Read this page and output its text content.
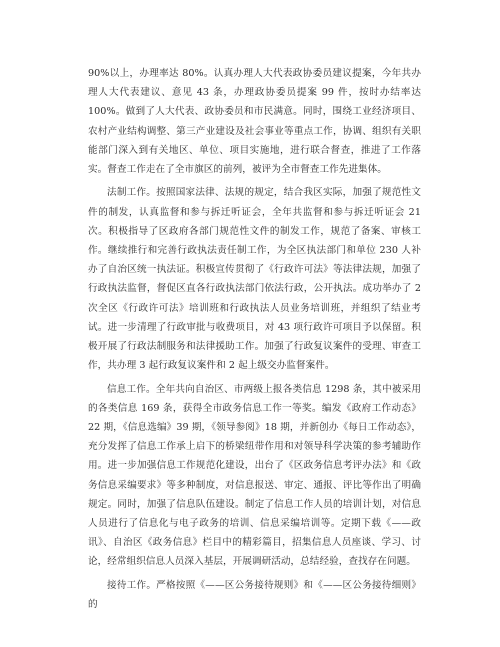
90%以上，办理率达 80%。认真办理人大代表政协委员建议提案，今年共办理人大代表建议、意见 43 条，办理政协委员提案 99 件，按时办结率达 100%。做到了人大代表、政协委员和市民满意。同时，围绕工业经济项目、农村产业结构调整、第三产业建设及社会事业等重点工作，协调、组织有关职能部门深入到有关地区、单位、项目实施地，进行联合督查，推进了工作落实。督查工作走在了全市旗区的前列，被评为全市督查工作先进集体。

法制工作。按照国家法律、法规的规定，结合我区实际，加强了规范性文件的制发，认真监督和参与拆迁听证会，全年共监督和参与拆迁听证会 21 次。积极指导了区政府各部门规范性文件的制发工作，规范了备案、审核工作。继续推行和完善行政执法责任制工作，为全区执法部门和单位 230 人补办了自治区统一执法证。积极宣传贯彻了《行政许可法》等法律法规，加强了行政执法监督，督促区直各行政执法部门依法行政，公开执法。成功举办了 2 次全区《行政许可法》培训班和行政执法人员业务培训班，并组织了结业考试。进一步清理了行政审批与收费项目，对 43 项行政许可项目予以保留。积极开展了行政法制服务和法律援助工作。加强了行政复议案件的受理、审查工作，共办理 3 起行政复议案件和 2 起上级交办监督案件。

信息工作。全年共向自治区、市两级上报各类信息 1298 条，其中被采用的各类信息 169 条，获得全市政务信息工作一等奖。编发《政府工作动态》22 期，《信息选编》39 期，《领导参阅》18 期，并新创办《每日工作动态》，充分发挥了信息工作承上启下的桥梁纽带作用和对领导科学决策的参考辅助作用。进一步加强信息工作规范化建设，出台了《区政务信息考评办法》和《政务信息采编要求》等多种制度，对信息报送、审定、通报、评比等作出了明确规定。同时，加强了信息队伍建设。制定了信息工作人员的培训计划，对信息人员进行了信息化与电子政务的培训、信息采编培训等。定期下载《——政讯》、自治区《政务信息》栏目中的精彩篇目，招集信息人员座谈、学习、讨论，经常组织信息人员深入基层，开展调研活动，总结经验，查找存在问题。

接待工作。严格按照《——区公务接待规则》和《——区公务接待细则》的
